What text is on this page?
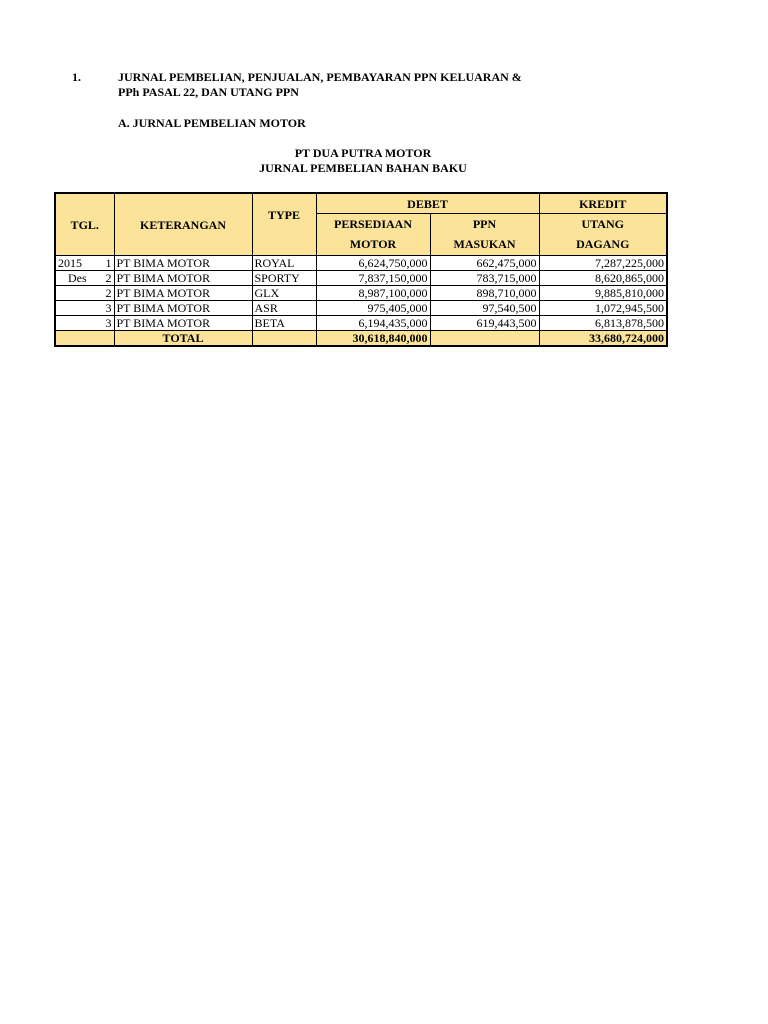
1.	JURNAL PEMBELIAN, PENJUALAN, PEMBAYARAN PPN KELUARAN &
PPh PASAL 22, DAN UTANG PPN
A. JURNAL PEMBELIAN MOTOR
PT DUA PUTRA MOTOR
JURNAL PEMBELIAN BAHAN BAKU
TGL.	KETERANGAN	TYPE	DEBET		KREDIT
			PERSEDIAAN	PPN	UTANG
			MOTOR	MASUKAN	DAGANG

2015 1	PT BIMA MOTOR	ROYAL	6,624,750,000	662,475,000	7,287,225,000

Des 2	PT BIMA MOTOR	SPORTY	7,837,150,000	783,715,000	8,620,865,000
2	PT BIMA MOTOR	GLX	8,987,100,000	898,710,000	9,885,810,000
3	PT BIMA MOTOR	ASR	975,405,000	97,540,500	1,072,945,500
3	PT BIMA MOTOR	BETA	6,194,435,000	619,443,500	6,813,878,500
	TOTAL		30,618,840,000		33,680,724,000
